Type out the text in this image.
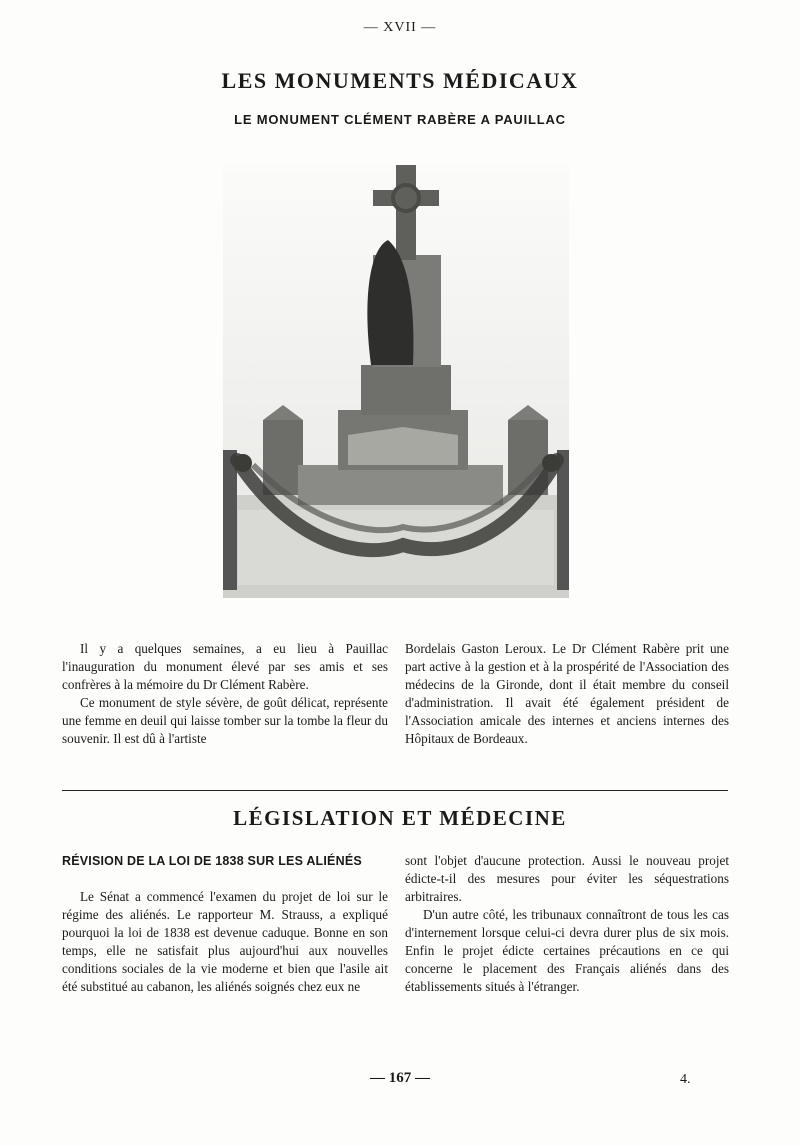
— XVII —
LES MONUMENTS MÉDICAUX
LE MONUMENT CLÉMENT RABÈRE A PAUILLAC

Il y a quelques semaines, a eu lieu à Pauillac l'inauguration du monument élevé par ses amis et ses confrères à la mémoire du Dr Clément Rabère.

Ce monument de style sévère, de goût délicat, représente une femme en deuil qui laisse tomber sur la tombe la fleur du souvenir. Il est dû à l'artiste

Bordelais Gaston Leroux. Le Dr Clément Rabère prit une part active à la gestion et à la prospérité de l'Association des médecins de la Gironde, dont il était membre du conseil d'administration. Il avait été également président de l'Association amicale des internes et anciens internes des Hôpitaux de Bordeaux.

LÉGISLATION ET MÉDECINE
RÉVISION DE LA LOI DE 1838 SUR LES ALIÉNÉS

Le Sénat a commencé l'examen du projet de loi sur le régime des aliénés. Le rapporteur M. Strauss, a expliqué pourquoi la loi de 1838 est devenue caduque. Bonne en son temps, elle ne satisfait plus aujourd'hui aux nouvelles conditions sociales de la vie moderne et bien que l'asile ait été substitué au cabanon, les aliénés soignés chez eux ne

sont l'objet d'aucune protection. Aussi le nouveau projet édicte-t-il des mesures pour éviter les séquestrations arbitraires.

D'un autre côté, les tribunaux connaîtront de tous les cas d'internement lorsque celui-ci devra durer plus de six mois. Enfin le projet édicte certaines précautions en ce qui concerne le placement des Français aliénés dans des établissements situés à l'étranger.

— 167 —	4.
